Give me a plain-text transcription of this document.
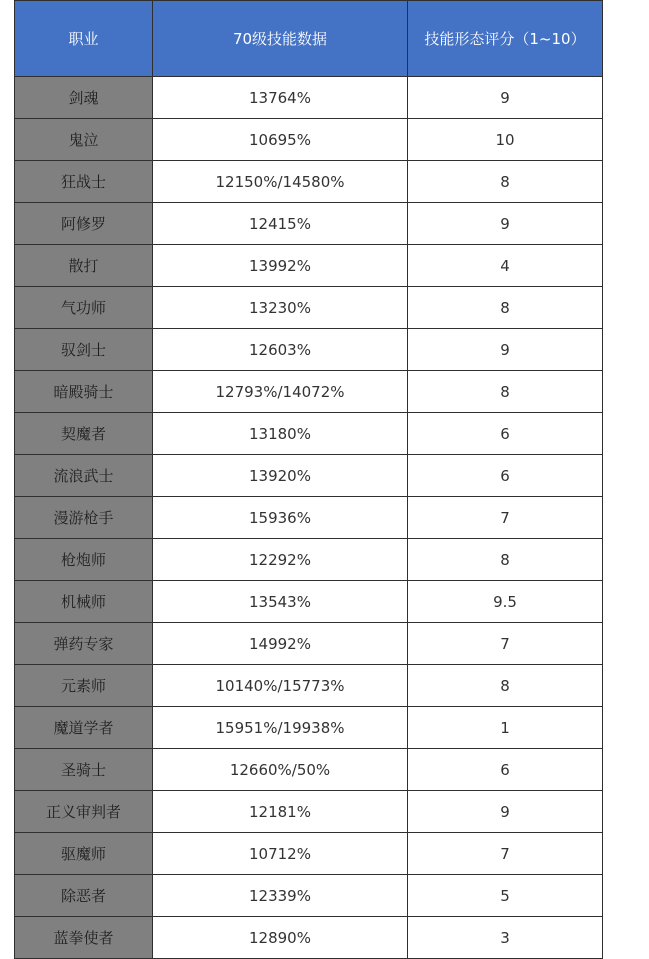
职业	70级技能数据	技能形态评分（1~10）
剑魂	13764%	9
鬼泣	10695%	10
狂战士	12150%/14580%	8
阿修罗	12415%	9
散打	13992%	4
气功师	13230%	8
驭剑士	12603%	9
暗殿骑士	12793%/14072%	8
契魔者	13180%	6
流浪武士	13920%	6
漫游枪手	15936%	7
枪炮师	12292%	8
机械师	13543%	9.5
弹药专家	14992%	7
元素师	10140%/15773%	8
魔道学者	15951%/19938%	1
圣骑士	12660%/50%	6
正义审判者	12181%	9
驱魔师	10712%	7
除恶者	12339%	5
蓝拳使者	12890%	3
